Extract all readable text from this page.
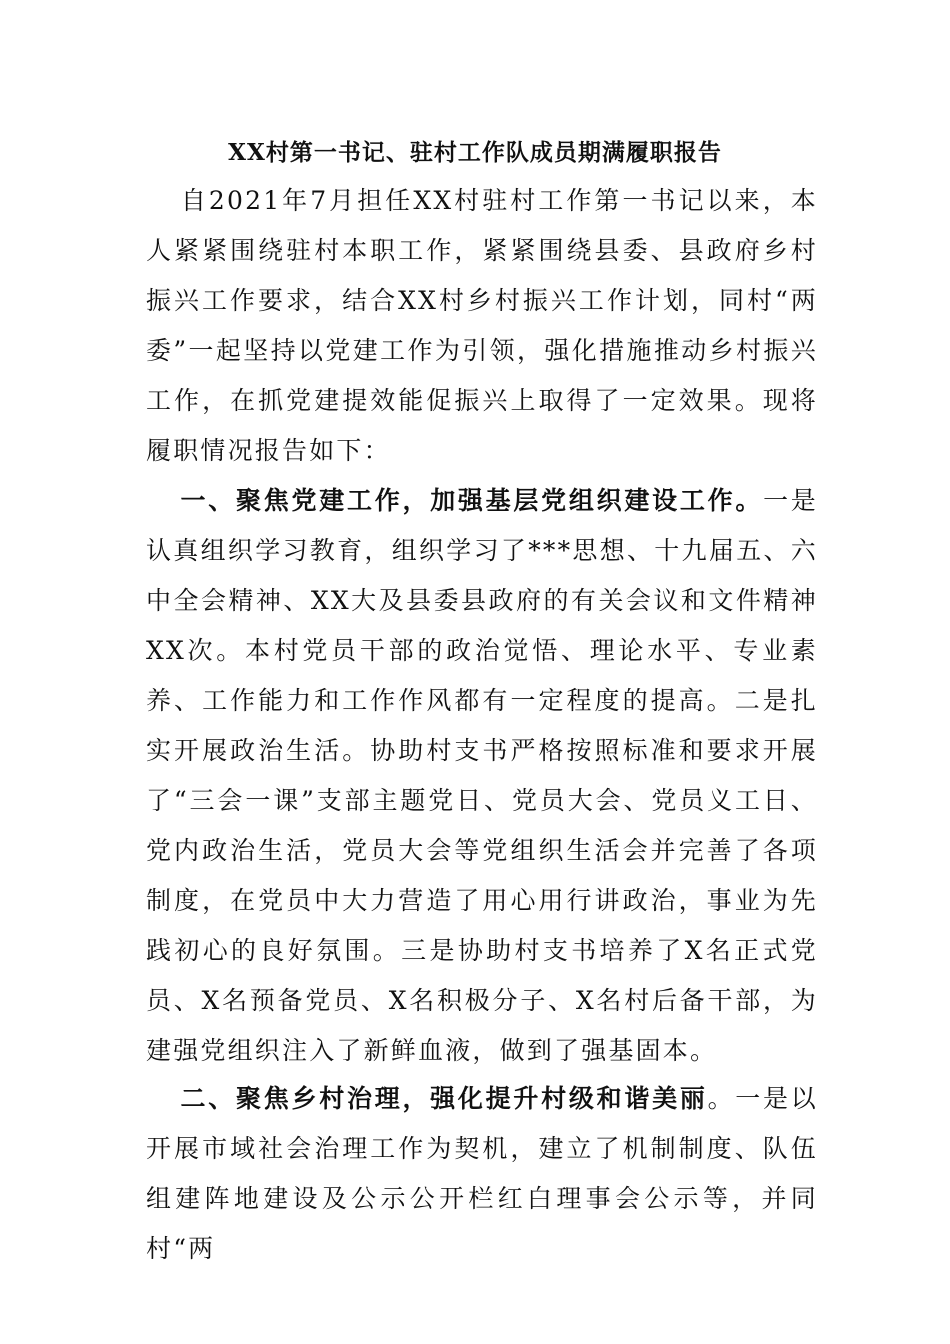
XX村第一书记、驻村工作队成员期满履职报告
自2021年7月担任XX村驻村工作第一书记以来，本人紧紧围绕驻村本职工作，紧紧围绕县委、县政府乡村振兴工作要求，结合XX村乡村振兴工作计划，同村“两委”一起坚持以党建工作为引领，强化措施推动乡村振兴工作，在抓党建提效能促振兴上取得了一定效果。现将履职情况报告如下：
一、聚焦党建工作，加强基层党组织建设工作。一是认真组织学习教育，组织学习了***思想、十九届五、六中全会精神、XX大及县委县政府的有关会议和文件精神XX次。本村党员干部的政治觉悟、理论水平、专业素养、工作能力和工作作风都有一定程度的提高。二是扎实开展政治生活。协助村支书严格按照标准和要求开展了“三会一课”支部主题党日、党员大会、党员义工日、党内政治生活，党员大会等党组织生活会并完善了各项制度，在党员中大力营造了用心用行讲政治，事业为先践初心的良好氛围。三是协助村支书培养了X名正式党员、X名预备党员、X名积极分子、X名村后备干部，为建强党组织注入了新鲜血液，做到了强基固本。
二、聚焦乡村治理，强化提升村级和谐美丽。一是以开展市域社会治理工作为契机，建立了机制制度、队伍组建阵地建设及公示公开栏红白理事会公示等，并同村“两
